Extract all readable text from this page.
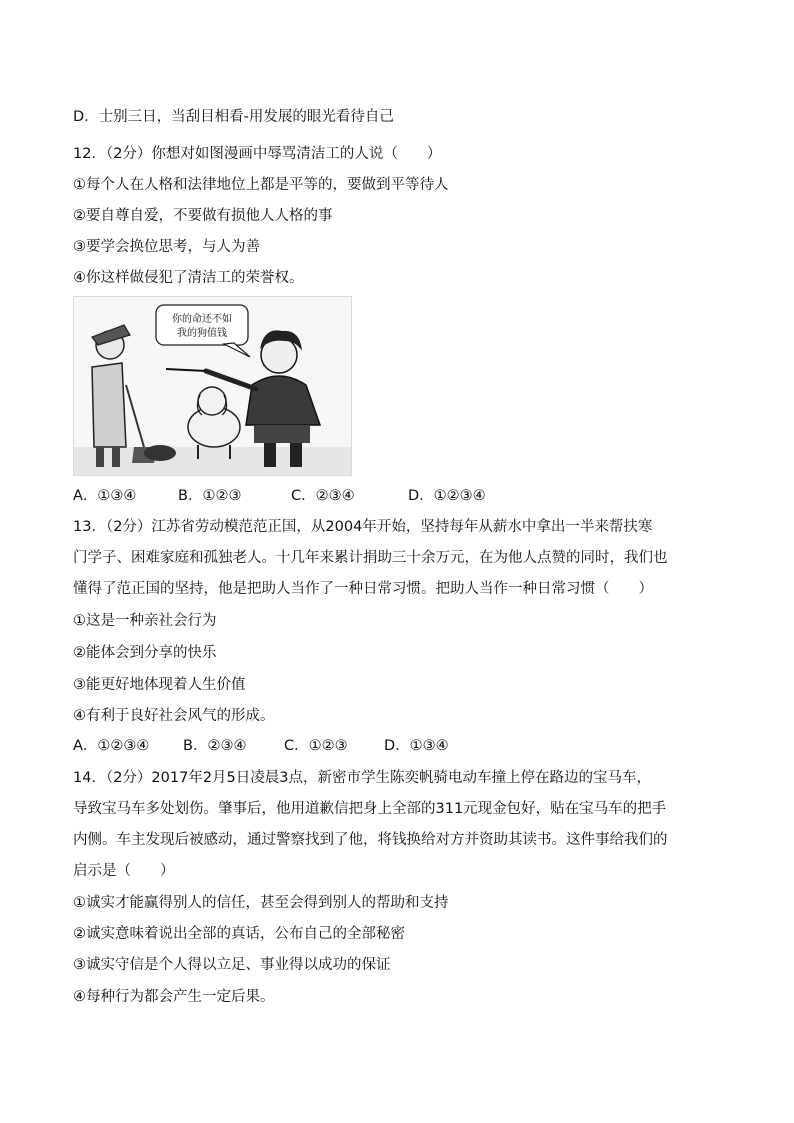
D．士别三日，当刮目相看-用发展的眼光看待自己
12．（2分）你想对如图漫画中辱骂清洁工的人说（　　）
①每个人在人格和法律地位上都是平等的，要做到平等待人
②要自尊自爱，不要做有损他人人格的事
③要学会换位思考，与人为善
④你这样做侵犯了清洁工的荣誉权。
你的命还不如
我的狗值钱
A．①③④	B．①②③	C．②③④	D．①②③④
13．（2分）江苏省劳动模范范正国，从2004年开始，坚持每年从薪水中拿出一半来帮扶寒
门学子、困难家庭和孤独老人。十几年来累计捐助三十余万元，在为他人点赞的同时，我们也
懂得了范正国的坚持，他是把助人当作了一种日常习惯。把助人当作一种日常习惯（　　）
①这是一种亲社会行为
②能体会到分享的快乐
③能更好地体现着人生价值
④有利于良好社会风气的形成。
A．①②③④ B．②③④	C．①②③	D．①③④
14．（2分）2017年2月5日凌晨3点，新密市学生陈奕帆骑电动车撞上停在路边的宝马车，
导致宝马车多处划伤。肇事后，他用道歉信把身上全部的311元现金包好，贴在宝马车的把手
内侧。车主发现后被感动，通过警察找到了他，将钱换给对方并资助其读书。这件事给我们的
启示是（　　）
①诚实才能赢得别人的信任，甚至会得到别人的帮助和支持
②诚实意味着说出全部的真话，公布自己的全部秘密
③诚实守信是个人得以立足、事业得以成功的保证
④每种行为都会产生一定后果。
